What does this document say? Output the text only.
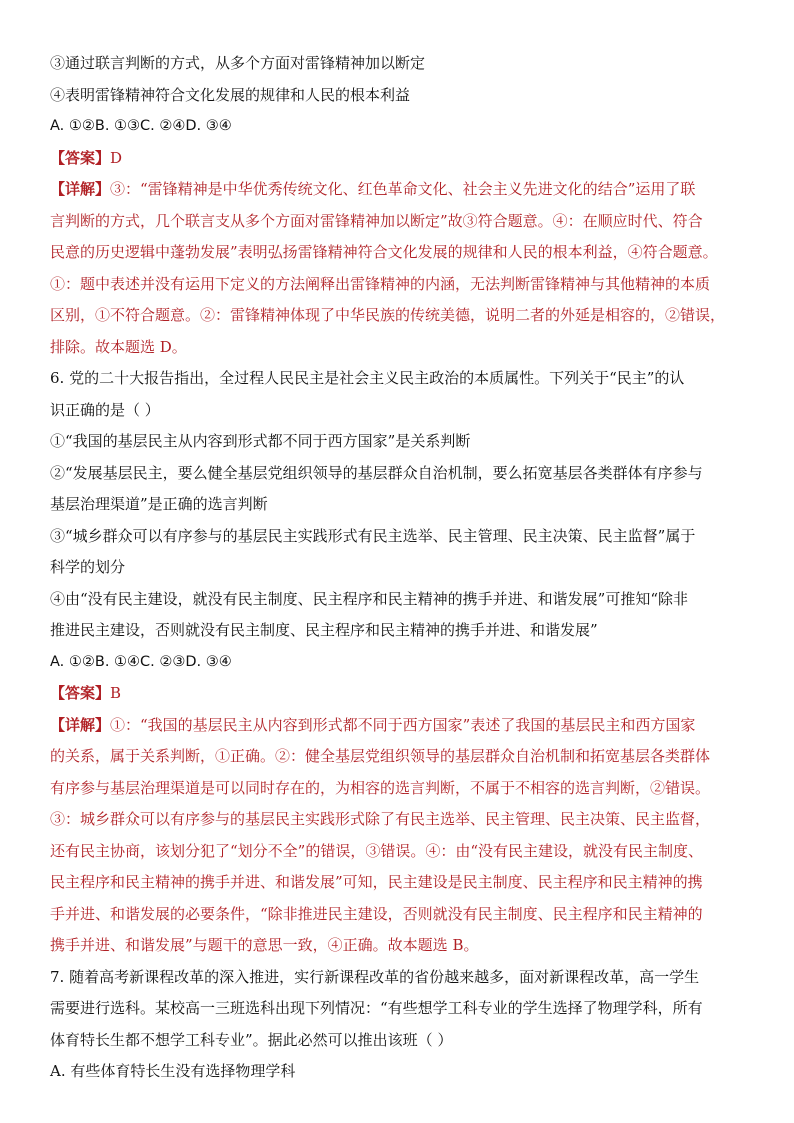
③通过联言判断的方式，从多个方面对雷锋精神加以断定
④表明雷锋精神符合文化发展的规律和人民的根本利益
A. ①②B. ①③C. ②④D. ③④
【答案】D
【详解】③：“雷锋精神是中华优秀传统文化、红色革命文化、社会主义先进文化的结合”运用了联
言判断的方式，几个联言支从多个方面对雷锋精神加以断定”故③符合题意。④：在顺应时代、符合
民意的历史逻辑中蓬勃发展”表明弘扬雷锋精神符合文化发展的规律和人民的根本利益，④符合题意。
①：题中表述并没有运用下定义的方法阐释出雷锋精神的内涵，无法判断雷锋精神与其他精神的本质
区别，①不符合题意。②：雷锋精神体现了中华民族的传统美德，说明二者的外延是相容的，②错误，
排除。故本题选 D。
6. 党的二十大报告指出，全过程人民民主是社会主义民主政治的本质属性。下列关于“民主”的认
识正确的是（ ）
①“我国的基层民主从内容到形式都不同于西方国家”是关系判断
②“发展基层民主，要么健全基层党组织领导的基层群众自治机制，要么拓宽基层各类群体有序参与
基层治理渠道”是正确的选言判断
③“城乡群众可以有序参与的基层民主实践形式有民主选举、民主管理、民主决策、民主监督”属于
科学的划分
④由“没有民主建设，就没有民主制度、民主程序和民主精神的携手并进、和谐发展”可推知“除非
推进民主建设，否则就没有民主制度、民主程序和民主精神的携手并进、和谐发展”
A. ①②B. ①④C. ②③D. ③④
【答案】B
【详解】①：“我国的基层民主从内容到形式都不同于西方国家”表述了我国的基层民主和西方国家
的关系，属于关系判断，①正确。②：健全基层党组织领导的基层群众自治机制和拓宽基层各类群体
有序参与基层治理渠道是可以同时存在的，为相容的选言判断，不属于不相容的选言判断，②错误。
③：城乡群众可以有序参与的基层民主实践形式除了有民主选举、民主管理、民主决策、民主监督，
还有民主协商，该划分犯了“划分不全”的错误，③错误。④：由“没有民主建设，就没有民主制度、
民主程序和民主精神的携手并进、和谐发展”可知，民主建设是民主制度、民主程序和民主精神的携
手并进、和谐发展的必要条件，“除非推进民主建设，否则就没有民主制度、民主程序和民主精神的
携手并进、和谐发展”与题干的意思一致，④正确。故本题选 B。
7. 随着高考新课程改革的深入推进，实行新课程改革的省份越来越多，面对新课程改革，高一学生
需要进行选科。某校高一三班选科出现下列情况：“有些想学工科专业的学生选择了物理学科，所有
体育特长生都不想学工科专业”。据此必然可以推出该班（ ）
A. 有些体育特长生没有选择物理学科
